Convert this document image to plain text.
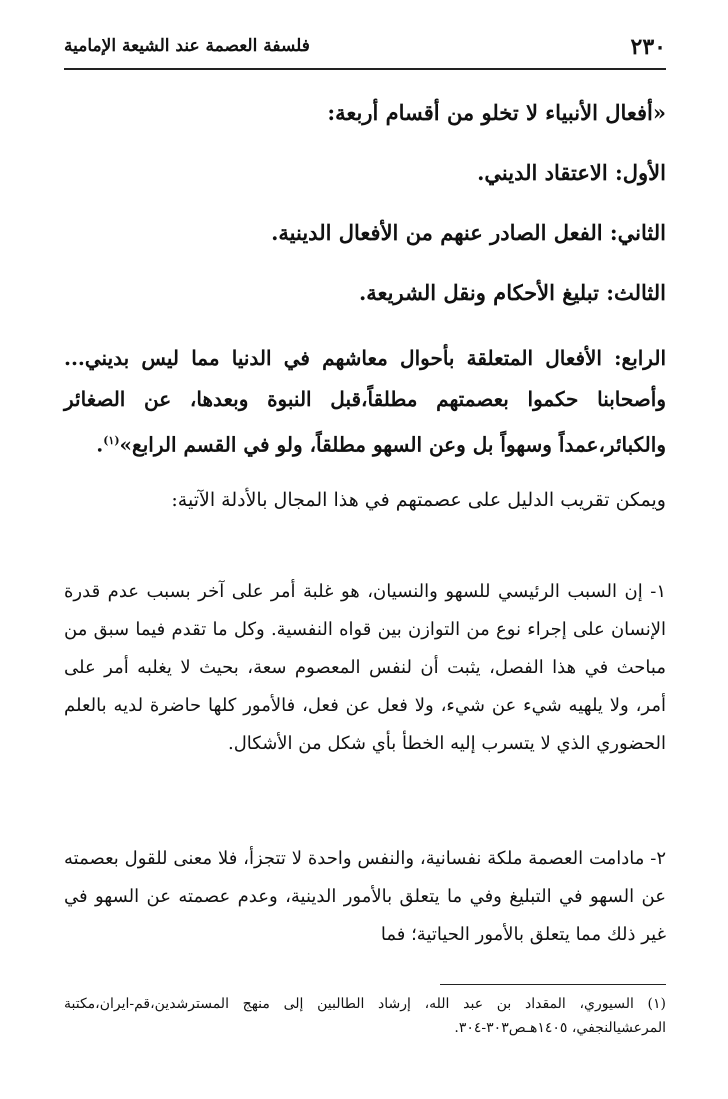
٢٣٠
فلسفة العصمة عند الشيعة الإمامية
«أفعال الأنبياء لا تخلو من أقسام أربعة:
الأول: الاعتقاد الديني.
الثاني: الفعل الصادر عنهم من الأفعال الدينية.
الثالث: تبليغ الأحكام ونقل الشريعة.
الرابع: الأفعال المتعلقة بأحوال معاشهم في الدنيا مما ليس بديني... وأصحابنا حكموا بعصمتهم مطلقاً،قبل النبوة وبعدها، عن الصغائر والكبائر،عمداً وسهواً بل وعن السهو مطلقاً، ولو في القسم الرابع»$^{(١)}$.
ويمكن تقريب الدليل على عصمتهم في هذا المجال بالأدلة الآتية:
١- إن السبب الرئيسي للسهو والنسيان، هو غلبة أمر على آخر بسبب عدم قدرة الإنسان على إجراء نوع من التوازن بين قواه النفسية. وكل ما تقدم فيما سبق من مباحث في هذا الفصل، يثبت أن لنفس المعصوم سعة، بحيث لا يغلبه أمر على أمر، ولا يلهيه شيء عن شيء، ولا فعل عن فعل، فالأمور كلها حاضرة لديه بالعلم الحضوري الذي لا يتسرب إليه الخطأ بأي شكل من الأشكال.
٢- مادامت العصمة ملكة نفسانية، والنفس واحدة لا تتجزأ، فلا معنى للقول بعصمته عن السهو في التبليغ وفي ما يتعلق بالأمور الدينية، وعدم عصمته عن السهو في غير ذلك مما يتعلق بالأمور الحياتية؛ فما
(١) السيوري، المقداد بن عبد الله، إرشاد الطالبين إلى منهج المسترشدين،قم-ايران،مكتبة المرعشيالنجفي، ١٤٠٥هـص٣٠٣-٣٠٤.
